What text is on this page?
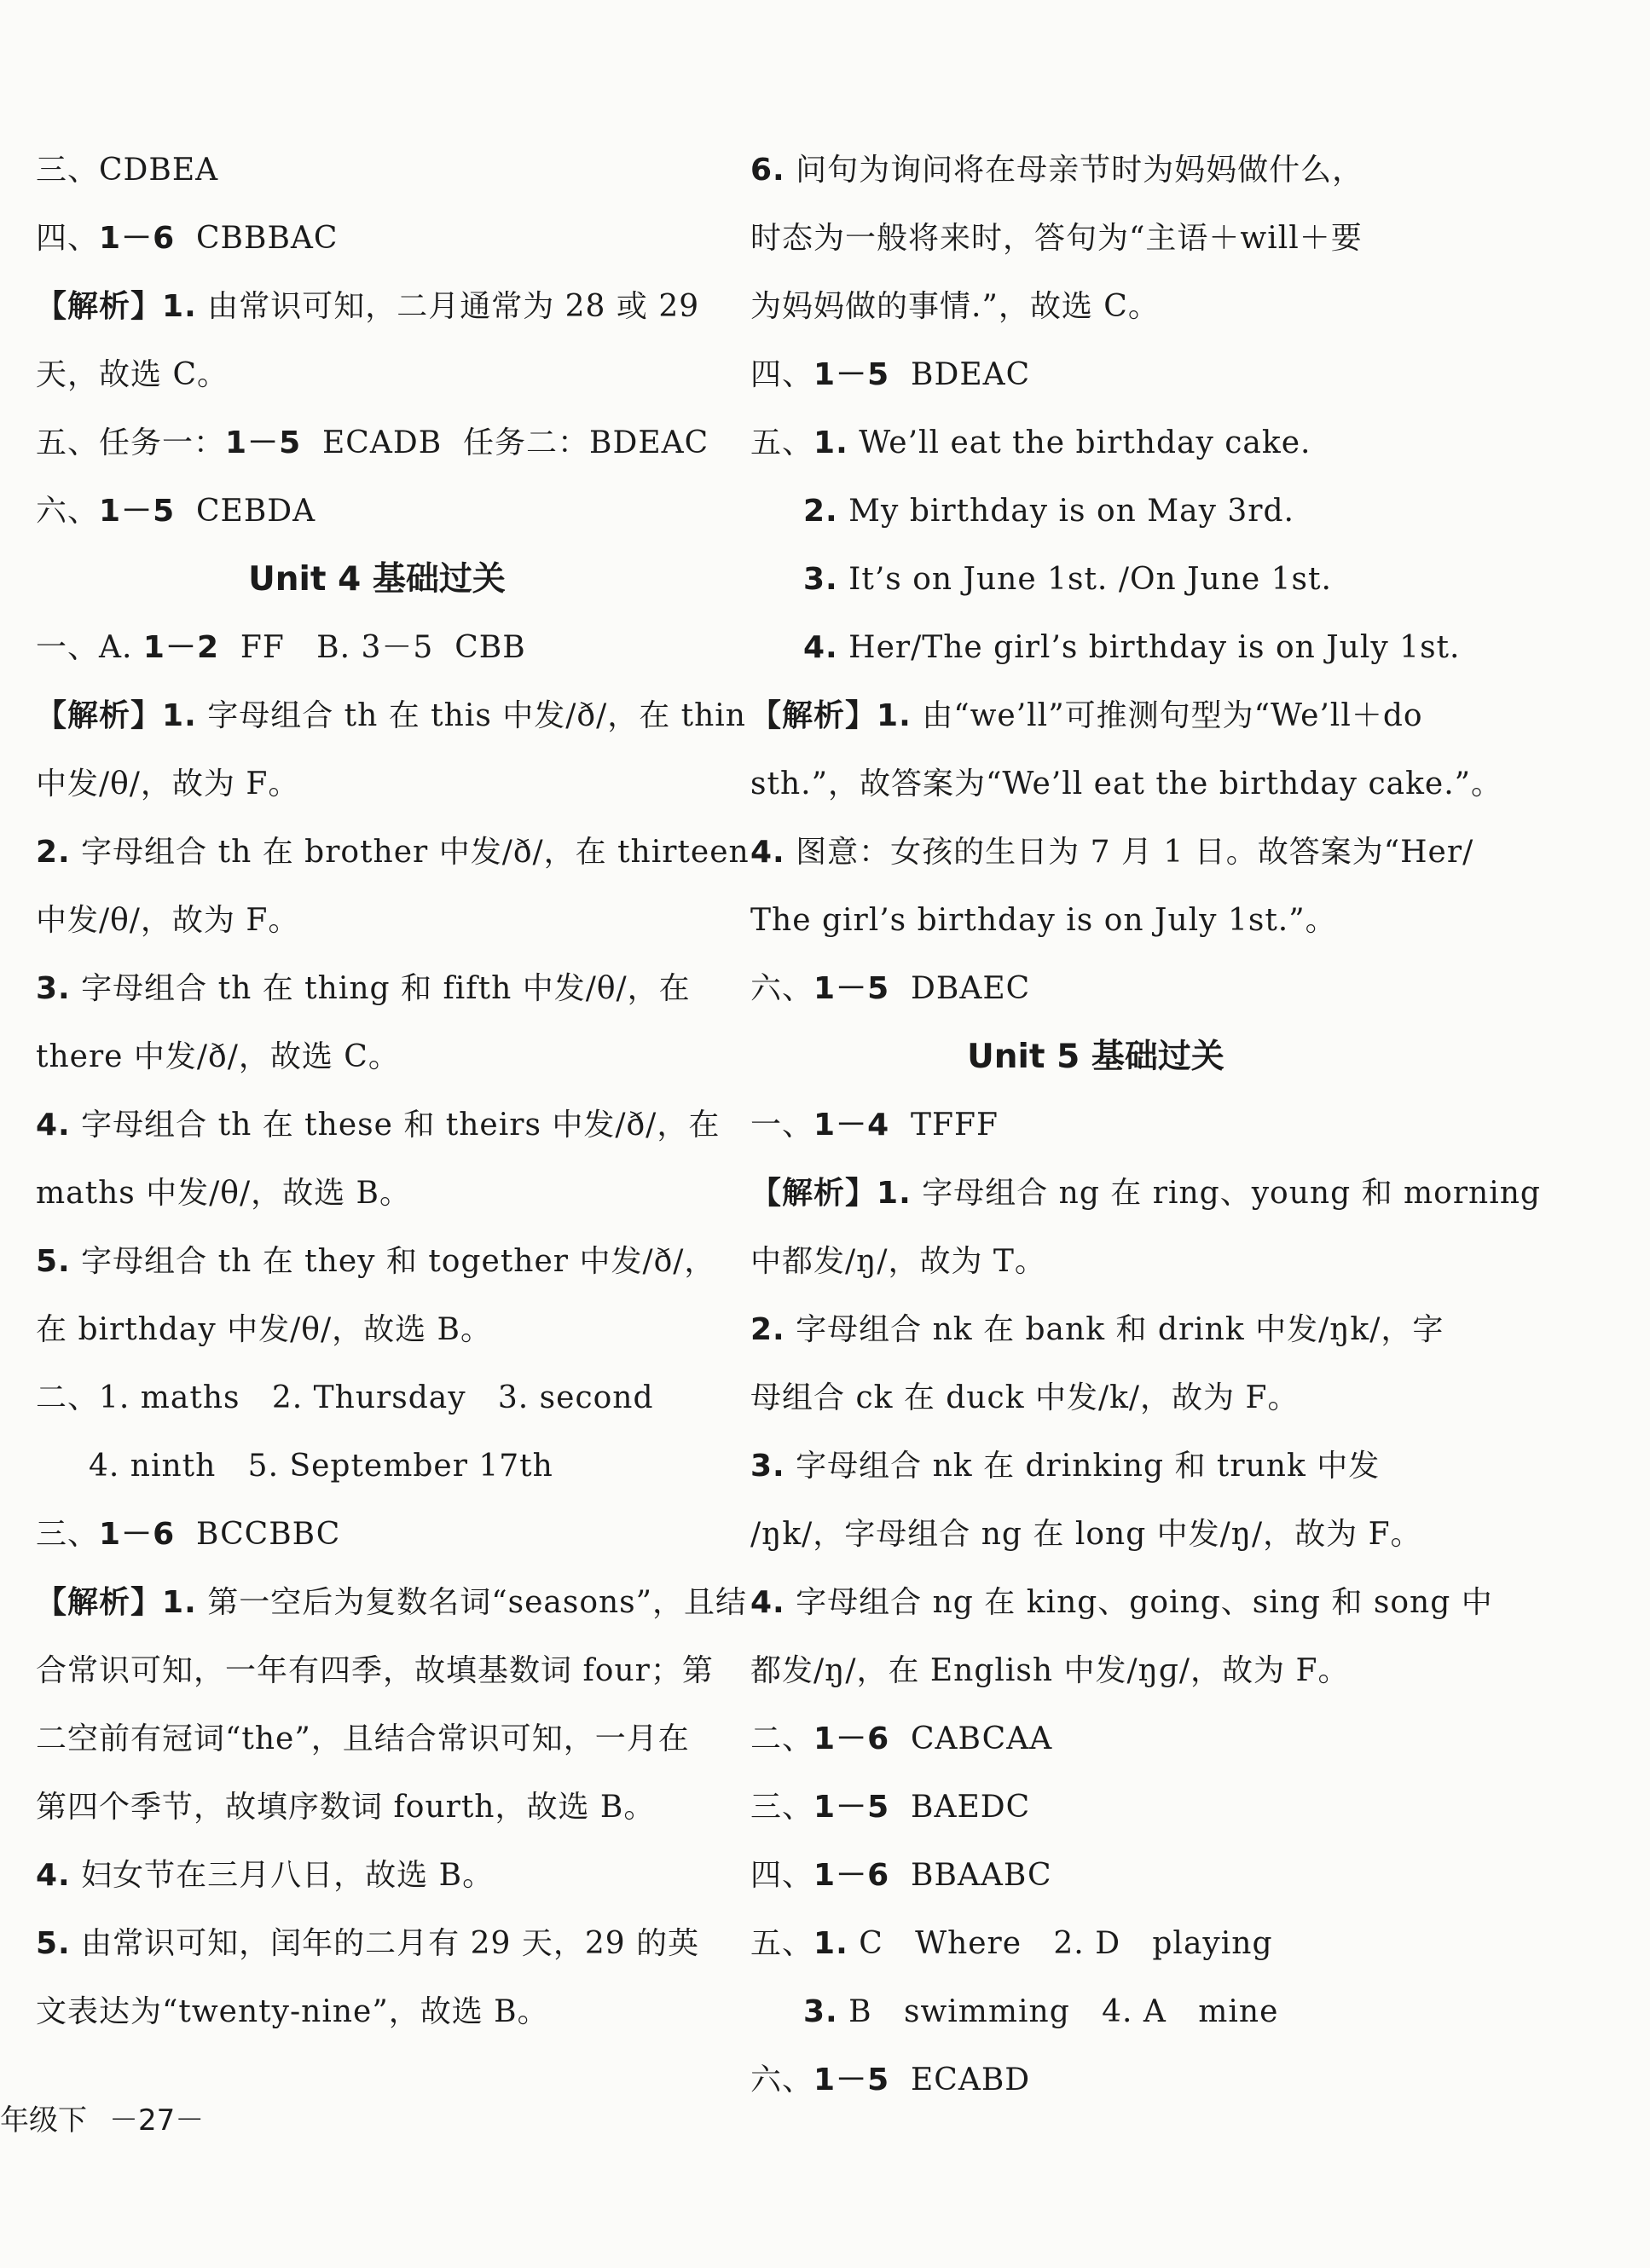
三、CDBEA
四、1－6  CBBBAC
【解析】1. 由常识可知，二月通常为 28 或 29
天，故选 C。
五、任务一：1－5  ECADB  任务二：BDEAC
六、1－5  CEBDA
Unit 4 基础过关
一、A. 1－2  FF   B. 3－5  CBB
【解析】1. 字母组合 th 在 this 中发/ð/，在 thin
中发/θ/，故为 F。
2. 字母组合 th 在 brother 中发/ð/，在 thirteen
中发/θ/，故为 F。
3. 字母组合 th 在 thing 和 fifth 中发/θ/，在
there 中发/ð/，故选 C。
4. 字母组合 th 在 these 和 theirs 中发/ð/，在
maths 中发/θ/，故选 B。
5. 字母组合 th 在 they 和 together 中发/ð/，
在 birthday 中发/θ/，故选 B。
二、1. maths   2. Thursday   3. second
4. ninth   5. September 17th
三、1－6  BCCBBC
【解析】1. 第一空后为复数名词“seasons”，且结
合常识可知，一年有四季，故填基数词 four；第
二空前有冠词“the”，且结合常识可知，一月在
第四个季节，故填序数词 fourth，故选 B。
4. 妇女节在三月八日，故选 B。
5. 由常识可知，闰年的二月有 29 天，29 的英
文表达为“twenty-nine”，故选 B。
6. 问句为询问将在母亲节时为妈妈做什么，
时态为一般将来时，答句为“主语＋will＋要
为妈妈做的事情.”，故选 C。
四、1－5  BDEAC
五、1. We’ll eat the birthday cake.
2. My birthday is on May 3rd.
3. It’s on June 1st. /On June 1st.
4. Her/The girl’s birthday is on July 1st.
【解析】1. 由“we’ll”可推测句型为“We’ll＋do
sth.”，故答案为“We’ll eat the birthday cake.”。
4. 图意：女孩的生日为 7 月 1 日。故答案为“Her/
The girl’s birthday is on July 1st.”。
六、1－5  DBAEC
Unit 5 基础过关
一、1－4  TFFF
【解析】1. 字母组合 ng 在 ring、young 和 morning
中都发/ŋ/，故为 T。
2. 字母组合 nk 在 bank 和 drink 中发/ŋk/，字
母组合 ck 在 duck 中发/k/，故为 F。
3. 字母组合 nk 在 drinking 和 trunk 中发
/ŋk/，字母组合 ng 在 long 中发/ŋ/，故为 F。
4. 字母组合 ng 在 king、going、sing 和 song 中
都发/ŋ/，在 English 中发/ŋɡ/，故为 F。
二、1－6  CABCAA
三、1－5  BAEDC
四、1－6  BBAABC
五、1. C   Where   2. D   playing
3. B   swimming   4. A   mine
六、1－5  ECABD
年级下 －27－
